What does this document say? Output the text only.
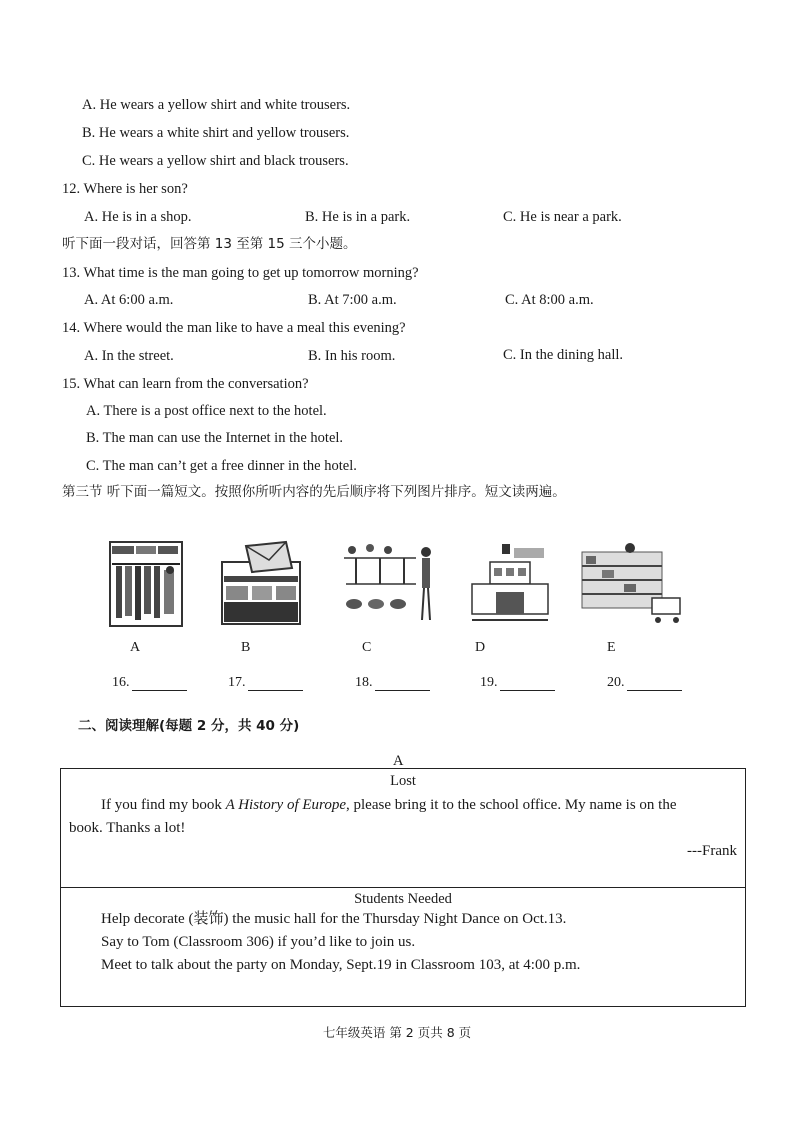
A. He wears a yellow shirt and white trousers.
B. He wears a white shirt and yellow trousers.
C. He wears a yellow shirt and black trousers.
12. Where is her son?
A. He is in a shop.	B. He is in a park.	C. He is near a park.
听下面一段对话，回答第 13 至第 15 三个小题。
13. What time is the man going to get up tomorrow morning?
A. At 6:00 a.m.	B. At 7:00 a.m.	C. At 8:00 a.m.
14. Where would the man like to have a meal this evening?
A. In the street.	B. In his room.	C. In the dining hall.
15. What can learn from the conversation?
A. There is a post office next to the hotel.
B. The man can use the Internet in the hotel.
C. The man can’t get a free dinner in the hotel.
第三节 听下面一篇短文。按照你所听内容的先后顺序将下列图片排序。短文读两遍。
A	B	C	D	E
16.	17.	18.	19.	20.
二、阅读理解(每题 2 分，共 40 分)
A
Lost
If you find my book A History of Europe, please bring it to the school office. My name is on the
book. Thanks a lot!
---Frank
Students Needed
Help decorate (装饰) the music hall for the Thursday Night Dance on Oct.13.
Say to Tom (Classroom 306) if you’d like to join us.
Meet to talk about the party on Monday, Sept.19 in Classroom 103, at 4:00 p.m.
七年级英语 第 2 页共 8 页
